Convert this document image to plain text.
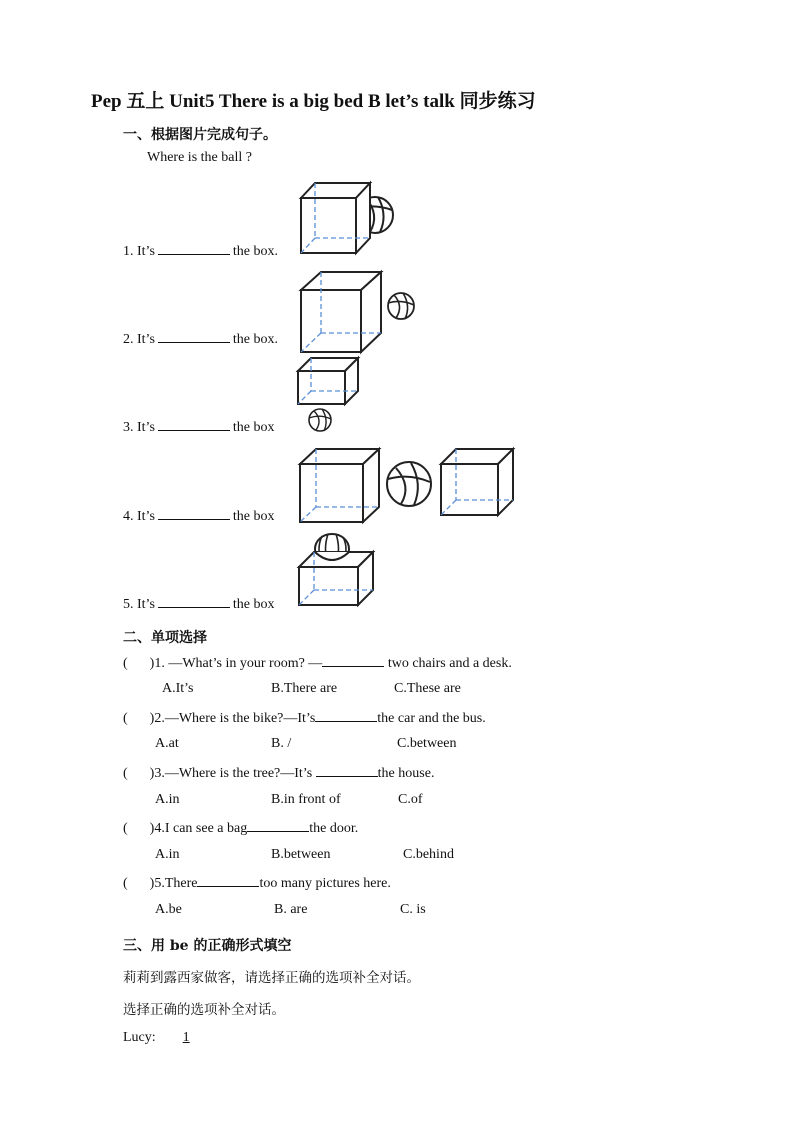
Pep 五上 Unit5 There is a big bed B let’s talk 同步练习
一、根据图片完成句子。
Where is the ball ?
1. It’s	the box.
2. It’s	the box.
3. It’s	the box
4. It’s	the box
5. It’s	the box
二、单项选择
( )1. —What’s in your room? —	two chairs and a desk.
A.It’s	B.There are	C.These are
( )2.—Where is the bike?—It’s	the car and the bus.
A.at	B. /	C.between
( )3.—Where is the tree?—It’s	the house.
A.in	B.in front of	C.of
( )4.I can see a bag	the door.
A.in	B.between	C.behind
( )5.There	too many pictures here.
A.be	B. are	C. is
三、用 be 的正确形式填空
莉莉到露西家做客，请选择正确的选项补全对话。
选择正确的选项补全对话。
Lucy: 1
